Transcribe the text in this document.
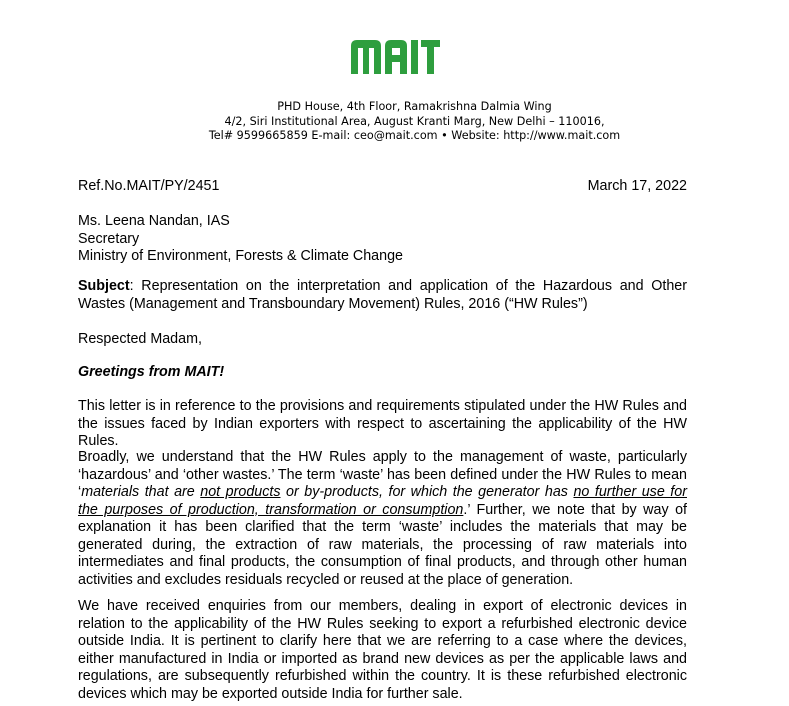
PHD House, 4th Floor, Ramakrishna Dalmia Wing
4/2, Siri Institutional Area, August Kranti Marg, New Delhi – 110016,
Tel# 9599665859 E-mail: ceo@mait.com • Website: http://www.mait.com
Ref.No.MAIT/PY/2451	March 17, 2022
Ms. Leena Nandan, IAS
Secretary
Ministry of Environment, Forests & Climate Change
Subject: Representation on the interpretation and application of the Hazardous and Other Wastes (Management and Transboundary Movement) Rules, 2016 (“HW Rules”)
Respected Madam,
Greetings from MAIT!
This letter is in reference to the provisions and requirements stipulated under the HW Rules and the issues faced by Indian exporters with respect to ascertaining the applicability of the HW Rules.
Broadly, we understand that the HW Rules apply to the management of waste, particularly ‘hazardous’ and ‘other wastes.’ The term ‘waste’ has been defined under the HW Rules to mean ‘materials that are not products or by-products, for which the generator has no further use for the purposes of production, transformation or consumption.’ Further, we note that by way of explanation it has been clarified that the term ‘waste’ includes the materials that may be generated during, the extraction of raw materials, the processing of raw materials into intermediates and final products, the consumption of final products, and through other human activities and excludes residuals recycled or reused at the place of generation.
We have received enquiries from our members, dealing in export of electronic devices in relation to the applicability of the HW Rules seeking to export a refurbished electronic device outside India. It is pertinent to clarify here that we are referring to a case where the devices, either manufactured in India or imported as brand new devices as per the applicable laws and regulations, are subsequently refurbished within the country. It is these refurbished electronic devices which may be exported outside India for further sale.
